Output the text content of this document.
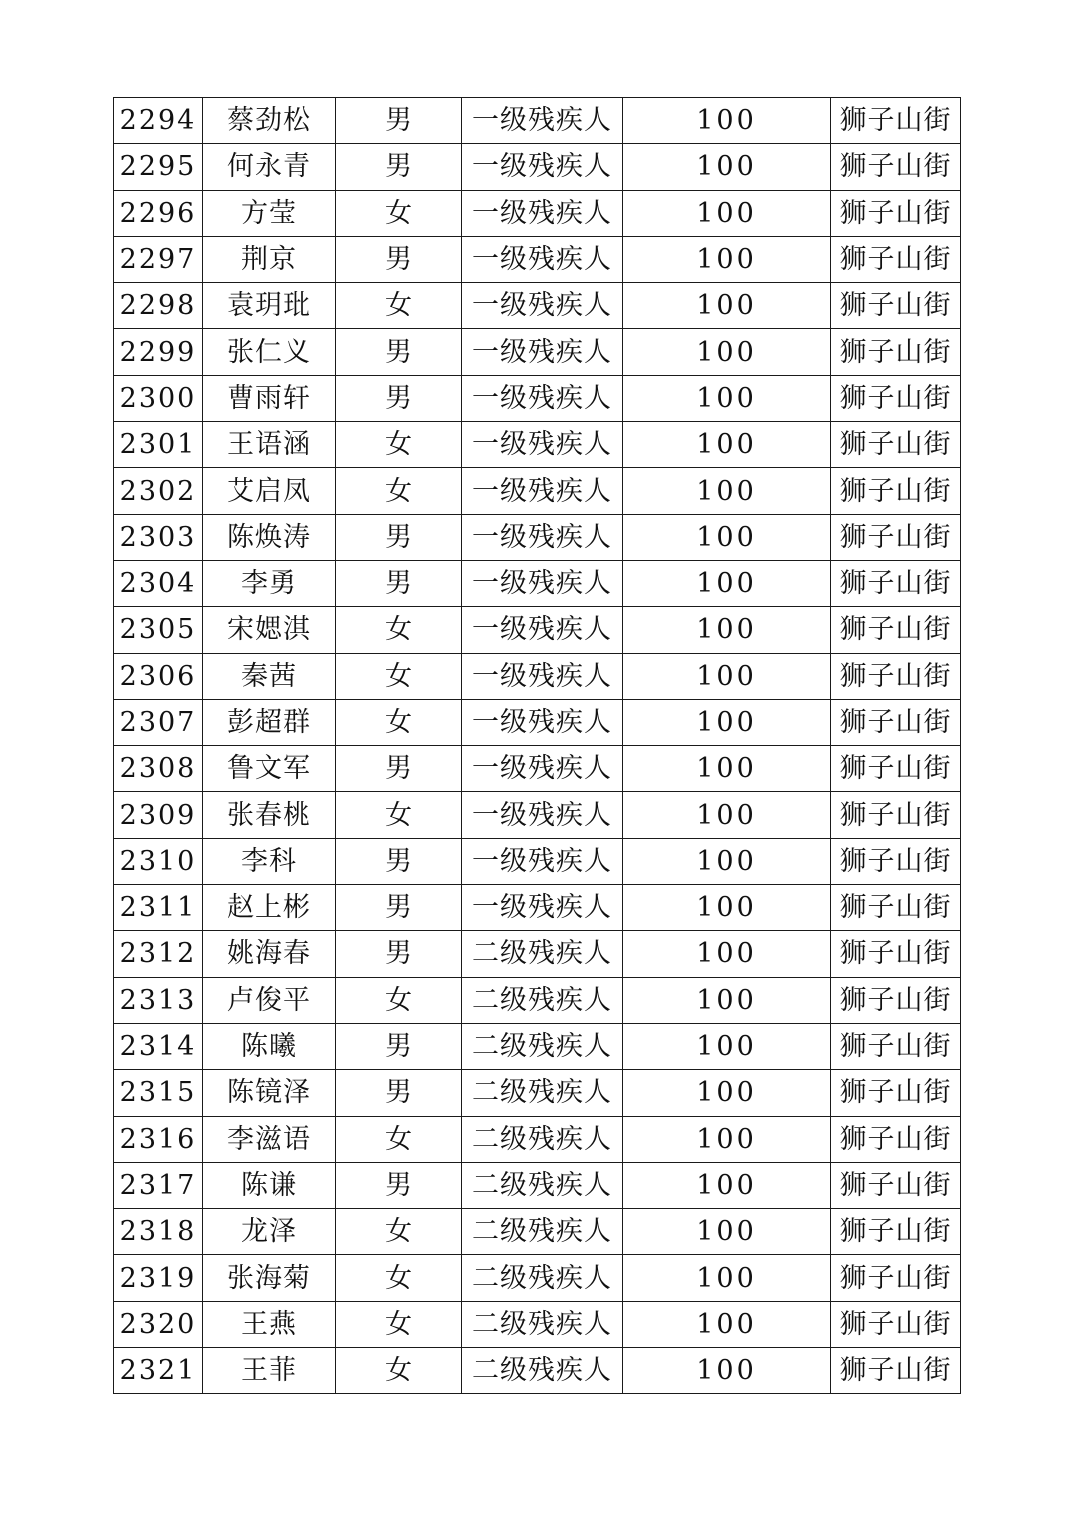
2294	蔡劲松	男	一级残疾人	100	狮子山街
2295	何永青	男	一级残疾人	100	狮子山街
2296	方莹	女	一级残疾人	100	狮子山街
2297	荆京	男	一级残疾人	100	狮子山街
2298	袁玥玭	女	一级残疾人	100	狮子山街
2299	张仁义	男	一级残疾人	100	狮子山街
2300	曹雨轩	男	一级残疾人	100	狮子山街
2301	王语涵	女	一级残疾人	100	狮子山街
2302	艾启凤	女	一级残疾人	100	狮子山街
2303	陈焕涛	男	一级残疾人	100	狮子山街
2304	李勇	男	一级残疾人	100	狮子山街
2305	宋媤淇	女	一级残疾人	100	狮子山街
2306	秦茜	女	一级残疾人	100	狮子山街
2307	彭超群	女	一级残疾人	100	狮子山街
2308	鲁文军	男	一级残疾人	100	狮子山街
2309	张春桃	女	一级残疾人	100	狮子山街
2310	李科	男	一级残疾人	100	狮子山街
2311	赵上彬	男	一级残疾人	100	狮子山街
2312	姚海春	男	二级残疾人	100	狮子山街
2313	卢俊平	女	二级残疾人	100	狮子山街
2314	陈曦	男	二级残疾人	100	狮子山街
2315	陈镜泽	男	二级残疾人	100	狮子山街
2316	李滋语	女	二级残疾人	100	狮子山街
2317	陈谦	男	二级残疾人	100	狮子山街
2318	龙泽	女	二级残疾人	100	狮子山街
2319	张海菊	女	二级残疾人	100	狮子山街
2320	王燕	女	二级残疾人	100	狮子山街
2321	王菲	女	二级残疾人	100	狮子山街
